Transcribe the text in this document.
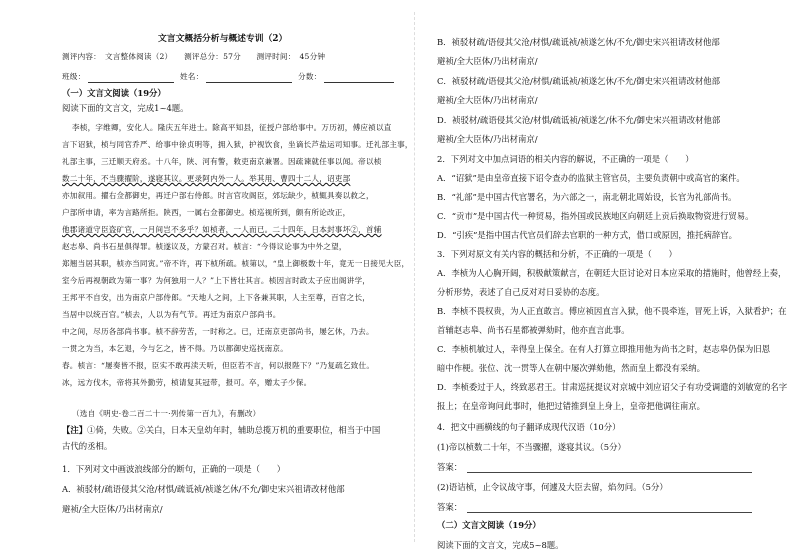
文言文概括分析与概述专训（2）
测评内容：　文言整体阅读（2）　　测评总分：57分　　测评时间：　45分钟
班级：	姓名：	分数：
（一）文言文阅读（19分）
阅读下面的文言文，完成1~4题。
李桢，字维卿，安化人。隆庆五年进士。除高平知县，征授户部给事中。万历初，傅应祯以直
言下诏狱，桢与同官乔严、给事中徐贞明等，拥入狱，护视饮食，坐谪长芦盐运司知事。迁礼部主事，
礼部主事，三迁顺天府丞。十八年，陕、河有警，敕吏南京兼署。因疏谏就任事以闻。帝以桢
数二十年，不当骤擢阶，遂寝其议。更录阿内外一人。举其用、曹四十二人，诏吏部
亦加叙用。擢右佥都御史，再迁户部右侍郎。时言官攻阁臣，郊坛缺少，桢辄具奏以救之，
户部所申请，率为言路所拒。陕西，一属右佥都御史。桢巡视所到，颇有所论改正，
他郡诸道守臣盗矿官，一月间岂不多乎？如桢者，一人而已。二十四年，日本封事坏②，首辅
赵志皋、尚书石星俱得罪。桢遂议及，方蒙召对。桢言：“今得议论事为中外之望，
郑翘当居其职，桢亦当同寅。”帝不许，再下桢所疏。桢第以，“皇上御极数十年，竟无一日接见大臣，
室今后再视朝政为第一事？为何独用一人？”上下皆壮其言。桢因言时政太子应出阁讲学，
王邦平不自安，出为南京户部侍郎。“天地人之间，上下各兼其职，人主至尊，百官之长，
当居中以统百官。”桢去，人以为有气节。再迁为南京户部尚书。
中之间，尽历各部尚书事。桢不辞劳苦，一时称之。已，迁南京吏部尚书，屡乞休，乃去。
一贯之为当，本乞退，今与乞之，皆不得。乃以都御史巡抚南京。
春。桢言：“屡奏皆不报，臣实不敢再渎天听，但臣若不言，何以报陛下？”乃复疏乞致仕。
冰，远方伐木，帝将其外勤劳，桢请复其冠带，报可。卒，赠太子少保。
（选自《明史·卷二百二十一·列传第一百九》，有删改）
【注】①倚，失败。②关白，日本天皇幼年时，辅助总揽万机的重要职位，相当于中国
古代的丞相。
1．下列对文中画波浪线部分的断句，正确的一项是（　　）
A．祯驳材/疏语侵其父沧/材惧/疏诋祯/祯遂乞休/不允/御史宋兴祖请改材他部
避祯/全大臣体/乃出材南京/
B．祯驳材疏/语侵其父沧/材惧/疏诋祯/祯遂乞休/不允/御史宋兴祖请改材他部
避祯/全大臣体/乃出材南京/
C．祯驳材疏/语侵其父沧/材惧/疏诋祯/祯遂乞休/不允/御史宋兴祖请改材他部
避祯/全大臣体/乃出材南京/
D．祯驳材/疏语侵其父沧/材惧/疏诋祯/祯遂乞/休不允/御史宋兴祖请改材他部
避祯/全大臣体/乃出材南京/
2．下列对文中加点词语的相关内容的解说，不正确的一项是（　　）
A．“诏狱”是由皇帝直接下诏令查办的监狱主管官员，主要负责朝中或高官的案件。
B．“礼部”是中国古代官署名，为六部之一，南北朝北周始设，长官为礼部尚书。
C．“贡市”是中国古代一种贸易，指外国或民族地区向朝廷上贡后换取物资进行贸易。
D．“引疾”是指中国古代官员们辞去官职的一种方式，借口或原因，推托病辞官。
3．下列对原文有关内容的概括和分析，不正确的一项是（　　）
A．李桢为人心胸开阔，积极献策献言，在朝廷大臣讨论对日本应采取的措施时，他曾经上奏，
分析形势，表述了自己反对对日妥协的态度。
B．李桢不畏权贵，为人正直敢言。傅应祯因直言入狱，他不畏牵连，冒死上诉，入狱看护；在
首辅赵志皋、尚书石星都被弹劾时，他亦直言此事。
C．李桢机敏过人，幸得皇上保全。在有人打算立即推用他为尚书之时，赵志皋仍保为旧恩
暗中作梗。张位、沈一贯等人在朝中屡次弹劾他，然而皇上都没有采纳。
D．李桢委过于人，终致恶君王。甘肃巡抚提议对京城中刘应诏父子有功受调遣的刘敏宽的名字
报上；在皇帝询问此事时，他把过错推到皇上身上，皇帝把他调往南京。
4．把文中画横线的句子翻译成现代汉语（10分）
(1)帝以桢数二十年，不当骤擢，遂寝其议。（5分）
答案：
(2)语诘桢，止令议战守事，何遽及大臣去留，焰勿问。（5分）
答案：
（二）文言文阅读（19分）
阅读下面的文言文，完成5~8题。
